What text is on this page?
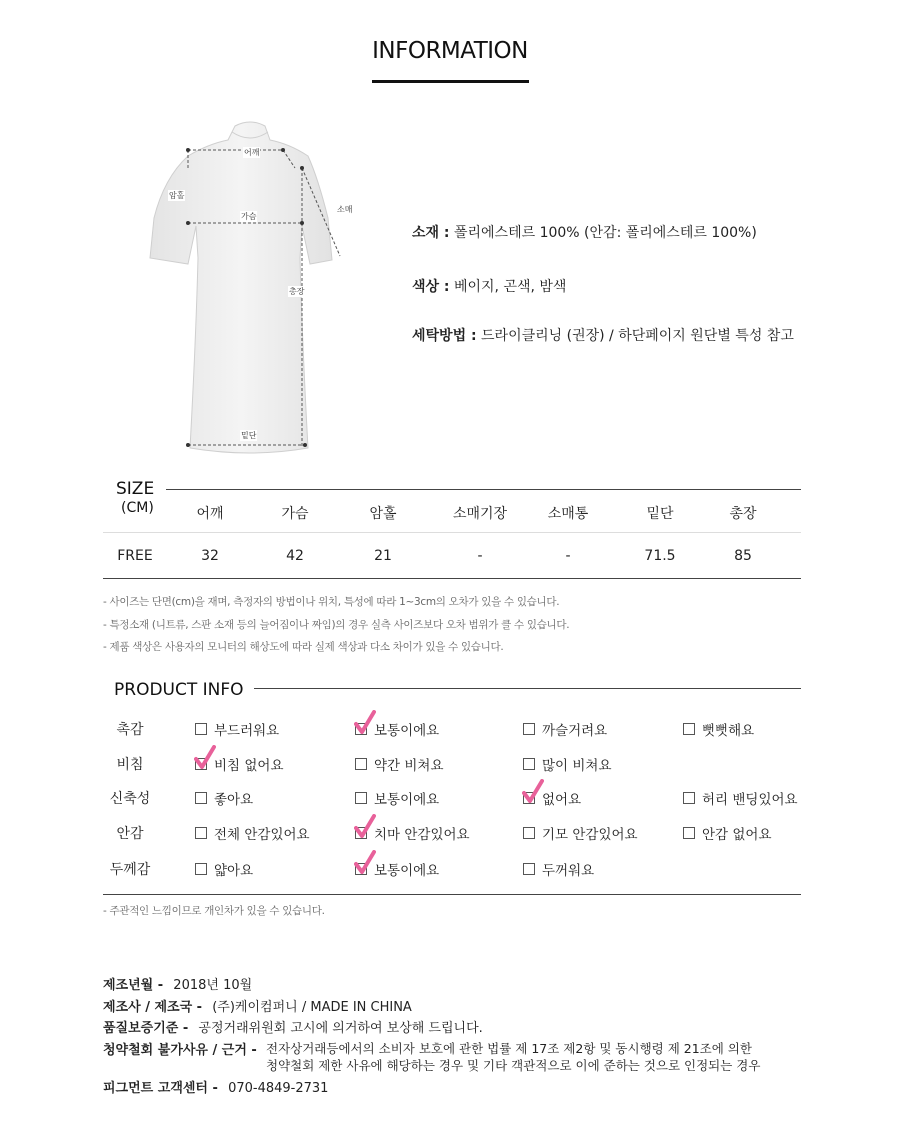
INFORMATION
어깨
암홀
소매
가슴
총장
밑단
소재 : 폴리에스테르 100% (안감: 폴리에스테르 100%)
색상 : 베이지, 곤색, 밤색
세탁방법 : 드라이클리닝 (권장) / 하단페이지 원단별 특성 참고
SIZE
(CM)	어깨	가슴	암홀	소매기장	소매통	밑단	총장
FREE	32	42	21	-	-	71.5	85
- 사이즈는 단면(cm)을 재며, 측정자의 방법이나 위치, 특성에 따라 1~3cm의 오차가 있을 수 있습니다.
- 특정소재 (니트류, 스판 소재 등의 늘어짐이나 짜임)의 경우 실측 사이즈보다 오차 범위가 클 수 있습니다.
- 제품 색상은 사용자의 모니터의 해상도에 따라 실제 색상과 다소 차이가 있을 수 있습니다.
PRODUCT INFO
촉감	부드러워요	보통이에요	까슬거려요	뻣뻣해요
비침	비침 없어요	약간 비쳐요	많이 비쳐요
신축성	좋아요	보통이에요	없어요	허리 밴딩있어요
안감	전체 안감있어요	치마 안감있어요	기모 안감있어요	안감 없어요
두께감	얇아요	보통이에요	두꺼워요
- 주관적인 느낌이므로 개인차가 있을 수 있습니다.
제조년월 - 2018년 10월
제조사 / 제조국 - (주)케이컴퍼니 / MADE IN CHINA
품질보증기준 - 공정거래위원회 고시에 의거하여 보상해 드립니다.
청약철회 불가사유 / 근거 - 전자상거래등에서의 소비자 보호에 관한 법률 제 17조 제2항 및 동시행령 제 21조에 의한
청약철회 제한 사유에 해당하는 경우 및 기타 객관적으로 이에 준하는 것으로 인정되는 경우
피그먼트 고객센터 - 070-4849-2731
